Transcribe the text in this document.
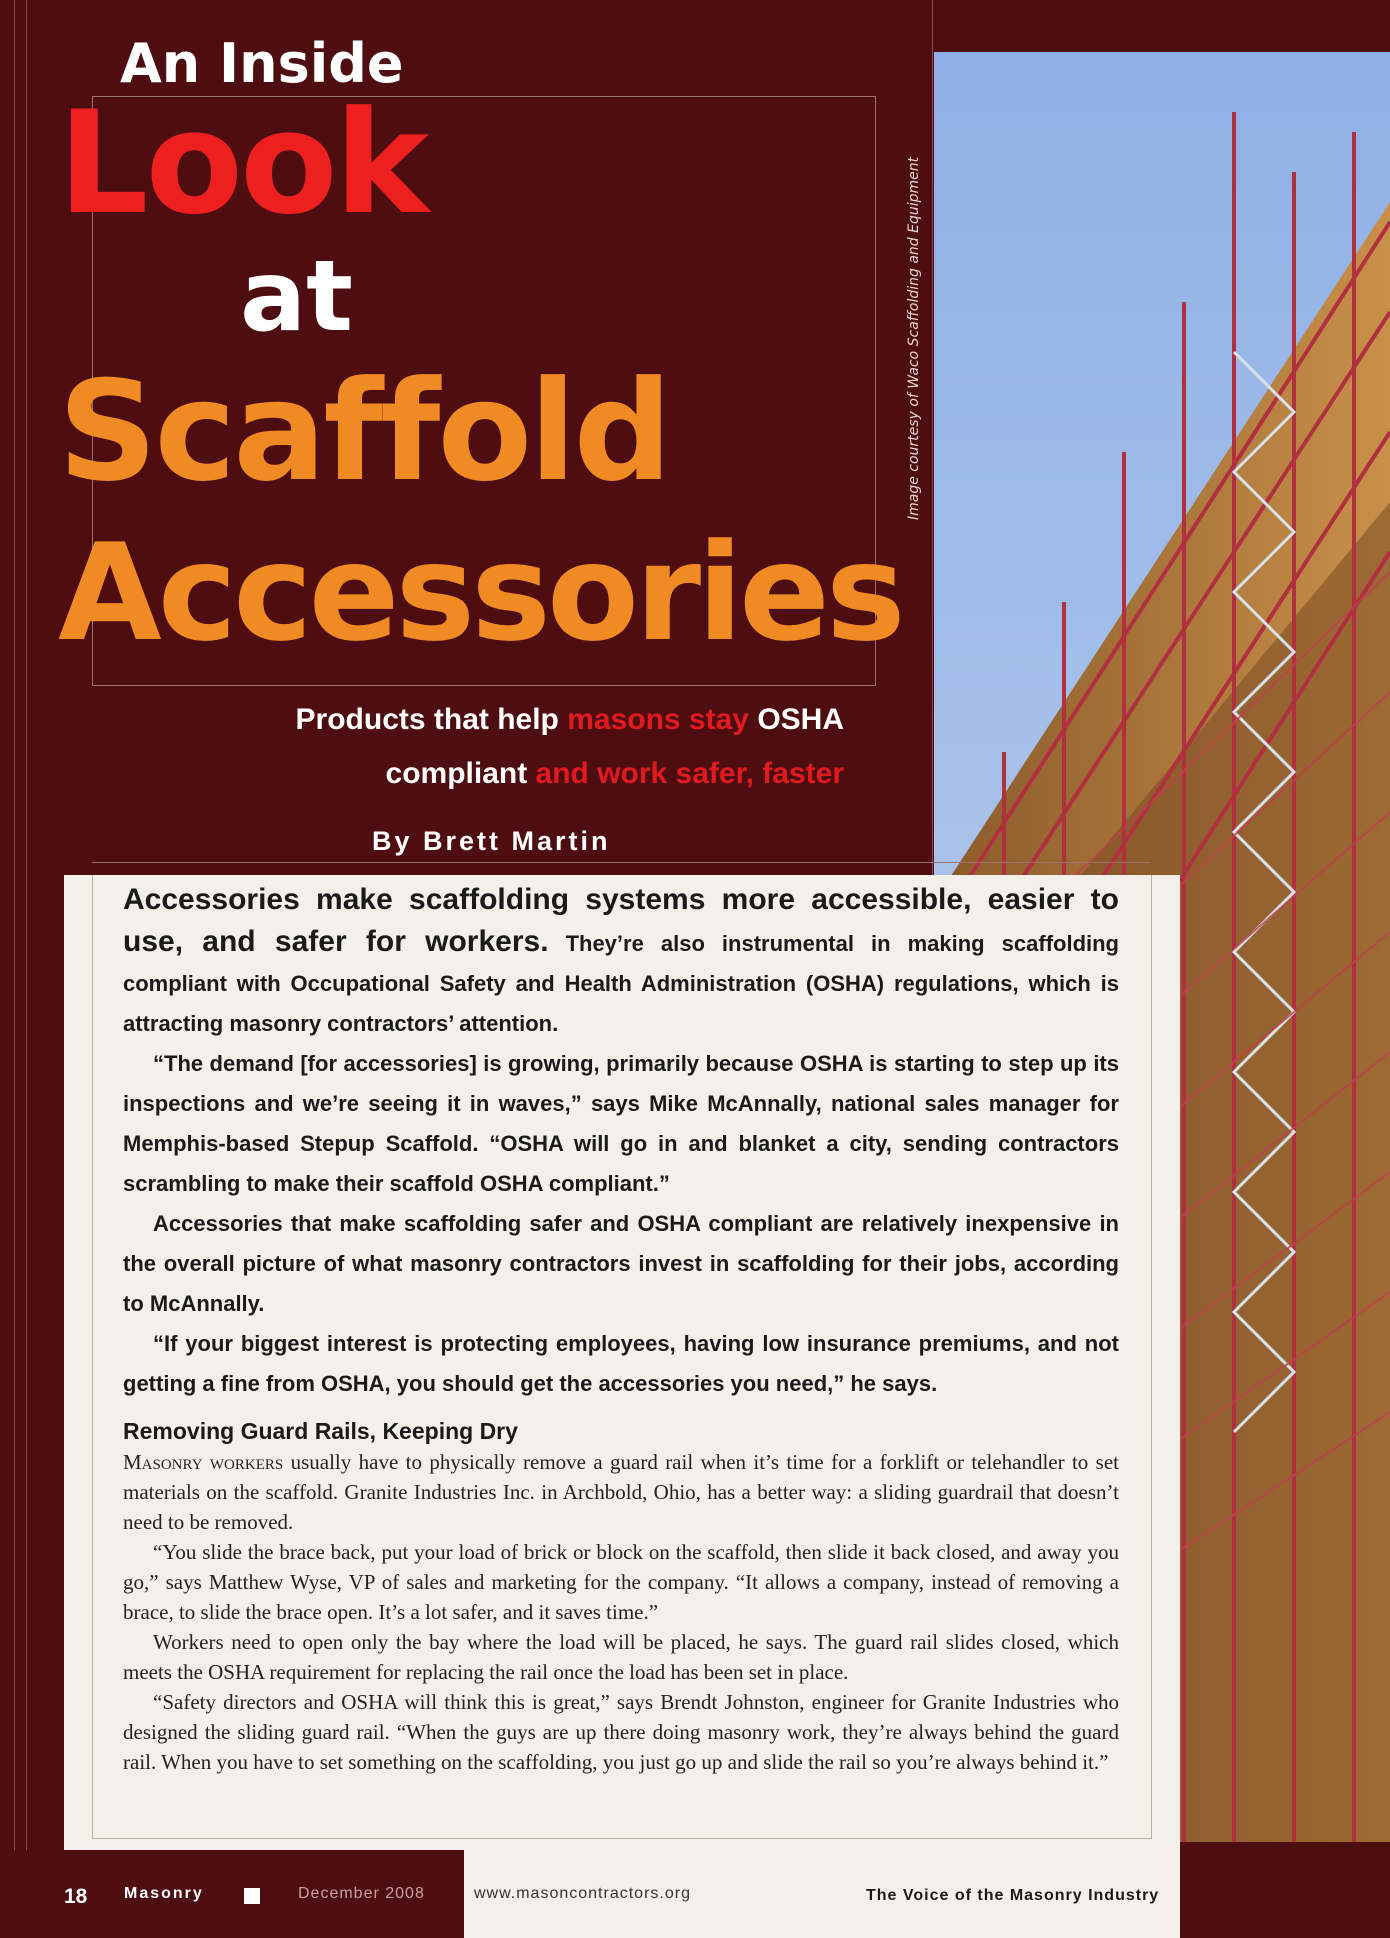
Image courtesy of Waco Scaffolding and Equipment
An Inside
Look
at
Scaffold
Accessories
Products that help masons stay OSHA
compliant and work safer, faster
By Brett Martin

Accessories make scaffolding systems more accessible, easier to use, and safer for workers. They’re also instrumental in making scaffolding compliant with Occupational Safety and Health Administration (OSHA) regulations, which is attracting masonry contractors’ attention.

“The demand [for accessories] is growing, primarily because OSHA is starting to step up its inspections and we’re seeing it in waves,” says Mike McAnnally, national sales manager for Memphis-based Stepup Scaffold. “OSHA will go in and blanket a city, sending contractors scrambling to make their scaffold OSHA compliant.”

Accessories that make scaffolding safer and OSHA compliant are relatively inexpensive in the overall picture of what masonry contractors invest in scaffolding for their jobs, according to McAnnally.

“If your biggest interest is protecting employees, having low insurance premiums, and not getting a fine from OSHA, you should get the accessories you need,” he says.

Removing Guard Rails, Keeping Dry

Masonry workers usually have to physically remove a guard rail when it’s time for a forklift or telehandler to set materials on the scaffold. Granite Industries Inc. in Archbold, Ohio, has a better way: a sliding guardrail that doesn’t need to be removed.

“You slide the brace back, put your load of brick or block on the scaffold, then slide it back closed, and away you go,” says Matthew Wyse, VP of sales and marketing for the company. “It allows a company, instead of removing a brace, to slide the brace open. It’s a lot safer, and it saves time.”

Workers need to open only the bay where the load will be placed, he says. The guard rail slides closed, which meets the OSHA requirement for replacing the rail once the load has been set in place.

“Safety directors and OSHA will think this is great,” says Brendt Johnston, engineer for Granite Industries who designed the sliding guard rail. “When the guys are up there doing masonry work, they’re always behind the guard rail. When you have to set something on the scaffolding, you just go up and slide the rail so you’re always behind it.”

18 Masonry	December 2008	www.masoncontractors.org	The Voice of the Masonry Industry
